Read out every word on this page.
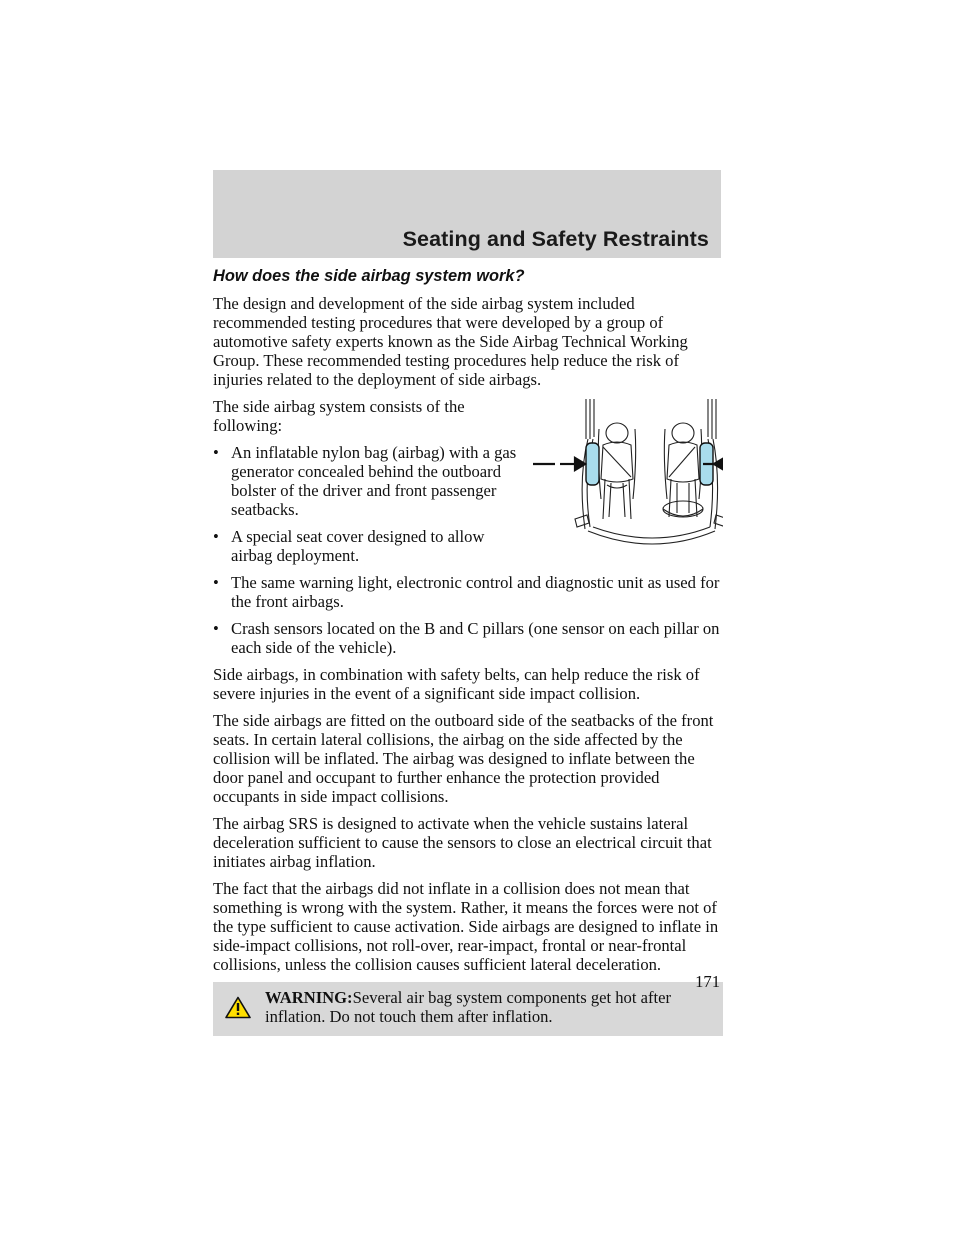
Seating and Safety Restraints

How does the side airbag system work?

The design and development of the side airbag system included recommended testing procedures that were developed by a group of automotive safety experts known as the Side Airbag Technical Working Group. These recommended testing procedures help reduce the risk of injuries related to the deployment of side airbags.

The side airbag system consists of the following:

• An inflatable nylon bag (airbag) with a gas generator concealed behind the outboard bolster of the driver and front passenger seatbacks.
• A special seat cover designed to allow airbag deployment.
• The same warning light, electronic control and diagnostic unit as used for the front airbags.
• Crash sensors located on the B and C pillars (one sensor on each pillar on each side of the vehicle).

Side airbags, in combination with safety belts, can help reduce the risk of severe injuries in the event of a significant side impact collision.

The side airbags are fitted on the outboard side of the seatbacks of the front seats. In certain lateral collisions, the airbag on the side affected by the collision will be inflated. The airbag was designed to inflate between the door panel and occupant to further enhance the protection provided occupants in side impact collisions.

The airbag SRS is designed to activate when the vehicle sustains lateral deceleration sufficient to cause the sensors to close an electrical circuit that initiates airbag inflation.

The fact that the airbags did not inflate in a collision does not mean that something is wrong with the system. Rather, it means the forces were not of the type sufficient to cause activation. Side airbags are designed to inflate in side-impact collisions, not roll-over, rear-impact, frontal or near-frontal collisions, unless the collision causes sufficient lateral deceleration.

WARNING:Several air bag system components get hot after inflation. Do not touch them after inflation.

171
